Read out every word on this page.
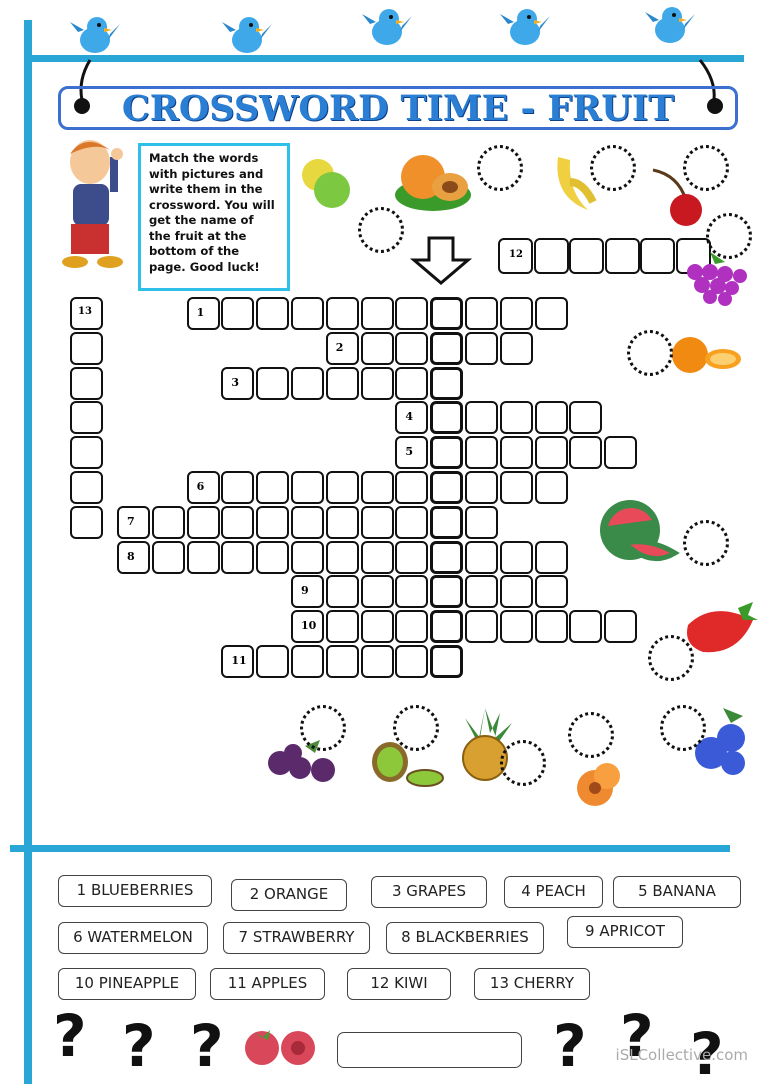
CROSSWORD TIME - FRUIT
Match the words with pictures and write them in the crossword. You will get the name of the fruit at the bottom of the page. Good luck!
1
2
3
4
5
6
7
8
9
10
11
13
12
1 BLUEBERRIES	2 ORANGE	3 GRAPES	4 PEACH	5 BANANA
6 WATERMELON	7 STRAWBERRY	8 BLACKBERRIES	9 APRICOT
10 PINEAPPLE	11 APPLES	12 KIWI	13 CHERRY
? ? ?	? ? ?
iSLCollective.com
